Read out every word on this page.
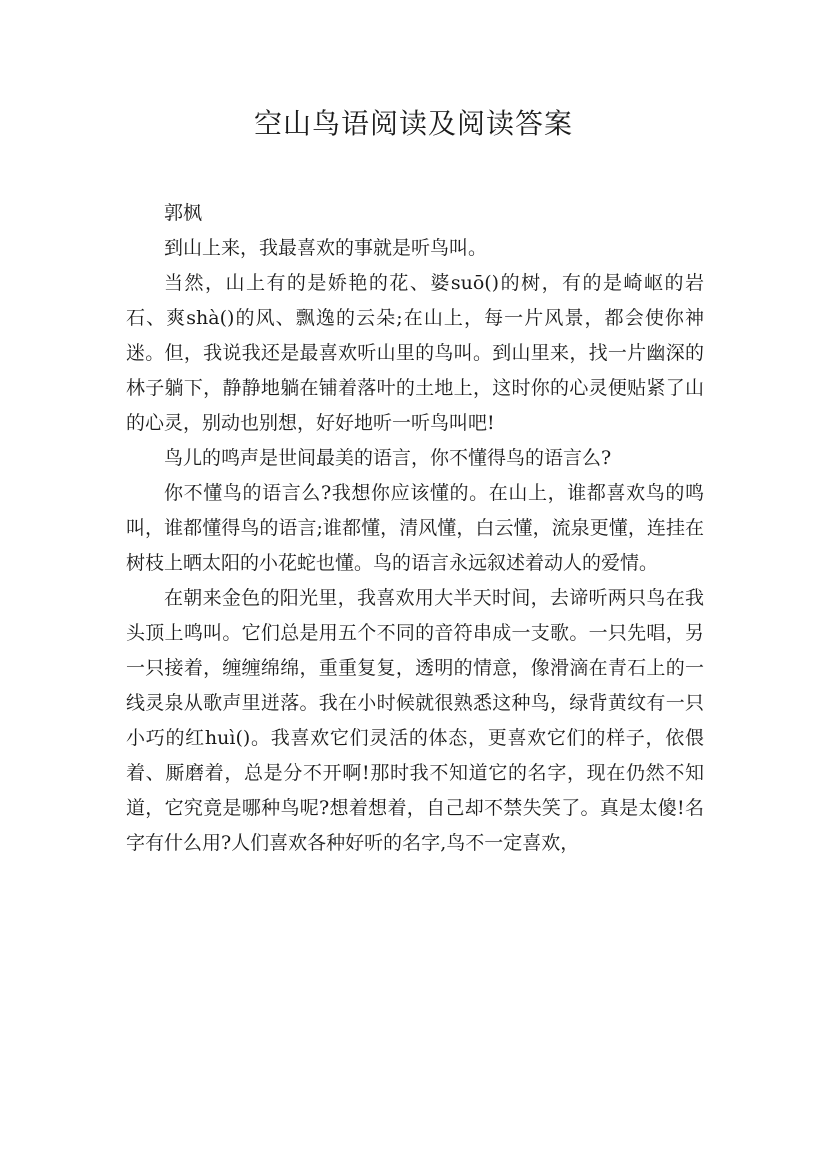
空山鸟语阅读及阅读答案

郭枫

到山上来，我最喜欢的事就是听鸟叫。

当然，山上有的是娇艳的花、婆suō()的树，有的是崎岖的岩石、爽shà()的风、飘逸的云朵;在山上，每一片风景，都会使你神迷。但，我说我还是最喜欢听山里的鸟叫。到山里来，找一片幽深的林子躺下，静静地躺在铺着落叶的土地上，这时你的心灵便贴紧了山的心灵，别动也别想，好好地听一听鸟叫吧!

鸟儿的鸣声是世间最美的语言，你不懂得鸟的语言么?

你不懂鸟的语言么?我想你应该懂的。在山上，谁都喜欢鸟的鸣叫，谁都懂得鸟的语言;谁都懂，清风懂，白云懂，流泉更懂，连挂在树枝上晒太阳的小花蛇也懂。鸟的语言永远叙述着动人的爱情。

在朝来金色的阳光里，我喜欢用大半天时间，去谛听两只鸟在我头顶上鸣叫。它们总是用五个不同的音符串成一支歌。一只先唱，另一只接着，缠缠绵绵，重重复复，透明的情意，像滑滴在青石上的一线灵泉从歌声里迸落。我在小时候就很熟悉这种鸟，绿背黄纹有一只小巧的红huì()。我喜欢它们灵活的体态，更喜欢它们的样子，依偎着、厮磨着，总是分不开啊!那时我不知道它的名字，现在仍然不知道，它究竟是哪种鸟呢?想着想着，自己却不禁失笑了。真是太傻!名字有什么用?人们喜欢各种好听的名字,鸟不一定喜欢，
